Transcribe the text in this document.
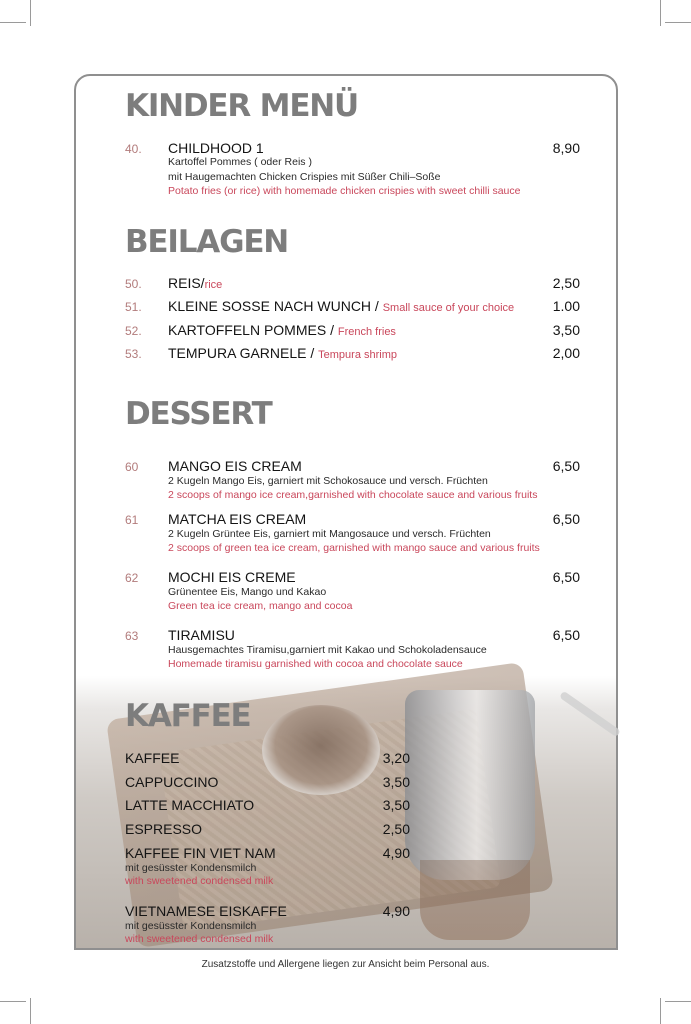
KINDER MENÜ
40. CHILDHOOD 1	8,90
Kartoffel Pommes ( oder Reis )
mit Haugemachten Chicken Crispies mit Süßer Chili–Soße
Potato fries (or rice) with homemade chicken crispies with sweet chilli sauce
BEILAGEN
50. REIS/rice	2,50
51. KLEINE SOSSE NACH WUNCH / Small sauce of your choice	1.00
52. KARTOFFELN POMMES / French fries	3,50
53. TEMPURA GARNELE / Tempura shrimp	2,00
DESSERT
60 MANGO EIS CREAM	6,50
2 Kugeln Mango Eis, garniert mit Schokosauce und versch. Früchten
2 scoops of mango ice cream,garnished with chocolate sauce and various fruits
61 MATCHA EIS CREAM	6,50
2 Kugeln Grüntee Eis, garniert mit Mangosauce und versch. Früchten
2 scoops of green tea ice cream, garnished with mango sauce and various fruits
62 MOCHI EIS CREME	6,50
Grünentee Eis, Mango und Kakao
Green tea ice cream, mango and cocoa
63 TIRAMISU	6,50
Hausgemachtes Tiramisu,garniert mit Kakao und Schokoladensauce
Homemade tiramisu garnished with cocoa and chocolate sauce
KAFFEE
KAFFEE	3,20
CAPPUCCINO	3,50
LATTE MACCHIATO	3,50
ESPRESSO	2,50
KAFFEE FIN VIET NAM	4,90
mit gesüsster Kondensmilch
with sweetened condensed milk
VIETNAMESE EISKAFFE	4,90
mit gesüsster Kondensmilch
with sweetened condensed milk
Zusatzstoffe und Allergene liegen zur Ansicht beim Personal aus.
